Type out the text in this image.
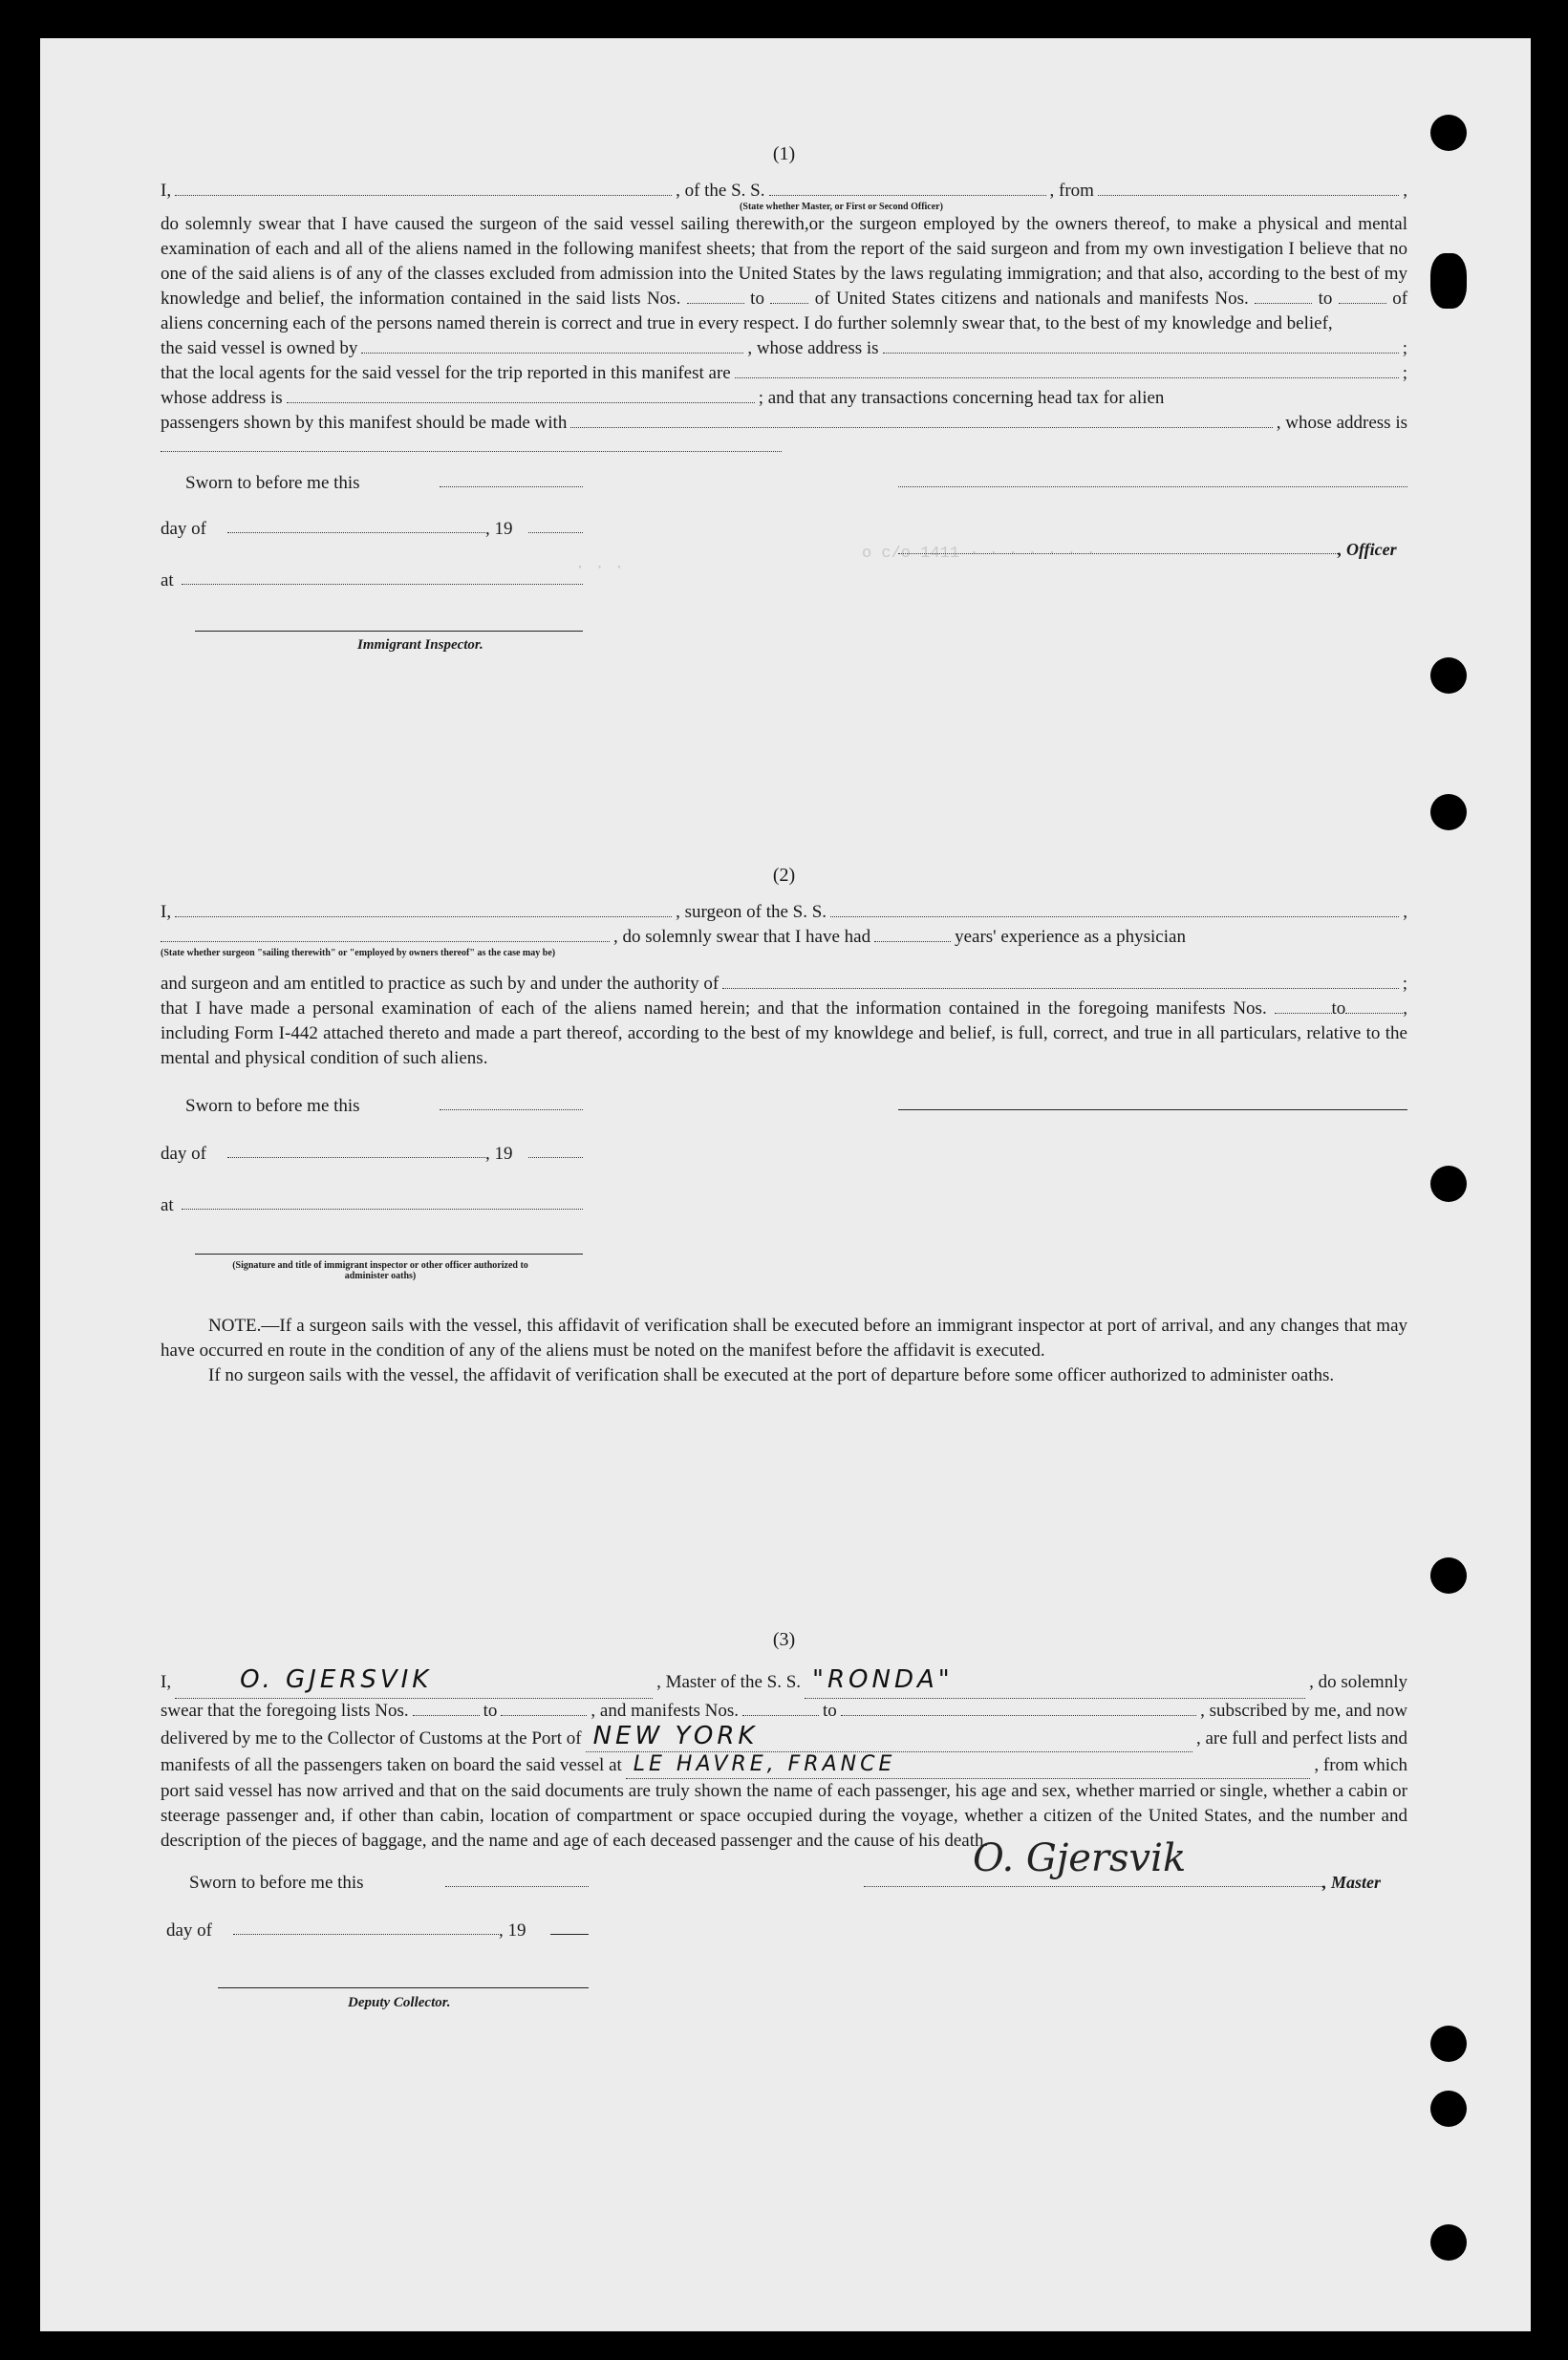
o c/o 1411 · · · · · · ·
· · ·
(1)
I,	, of the S. S.	, from	,
(State whether Master, or First or Second Officer)
do solemnly swear that I have caused the surgeon of the said vessel sailing therewith,or the surgeon employed by the owners thereof, to make a physical and mental examination of each and all of the aliens named in the following manifest sheets; that from the report of the said surgeon and from my own investigation I believe that no one of the said aliens is of any of the classes excluded from admission into the United States by the laws regulating immigration; and that also, according to the best of my knowledge and belief, the information contained in the said lists Nos.	to	of United States citizens and nationals and manifests Nos.	to	of aliens concerning each of the persons named therein is correct and true in every respect. I do further solemnly swear that, to the best of my knowledge and belief,
the said vessel is owned by	, whose address is	;
that the local agents for the said vessel for the trip reported in this manifest are	;
whose address is	; and that any transactions concerning head tax for alien
passengers shown by this manifest should be made with	, whose address is
Sworn to before me this
day of	, 19
at
Immigrant Inspector.
, Officer
(2)
I,	, surgeon of the S. S.	,
, do solemnly swear that I have had	years' experience as a physician
(State whether surgeon "sailing therewith" or "employed by owners thereof" as the case may be)
and surgeon and am entitled to practice as such by and under the authority of	;
that I have made a personal examination of each of the aliens named herein; and that the information contained in the foregoing manifests Nos.	to	, including Form I-442 attached thereto and made a part thereof, according to the best of my knowldege and belief, is full, correct, and true in all particulars, relative to the mental and physical condition of such aliens.
Sworn to before me this
day of	, 19
at
(Signature and title of immigrant inspector or other officer authorized to administer oaths)
NOTE.—If a surgeon sails with the vessel, this affidavit of verification shall be executed before an immigrant inspector at port of arrival, and any changes that may have occurred en route in the condition of any of the aliens must be noted on the manifest before the affidavit is executed.
If no surgeon sails with the vessel, the affidavit of verification shall be executed at the port of departure before some officer authorized to administer oaths.
(3)
I,	O. GJERSVIK	, Master of the S. S. "RONDA"	, do solemnly
swear that the foregoing lists Nos.	to	, and manifests Nos.	to	, subscribed by me, and now
delivered by me to the Collector of Customs at the Port of NEW YORK	, are full and perfect lists and
manifests of all the passengers taken on board the said vessel at LE HAVRE, FRANCE	, from which
port said vessel has now arrived and that on the said documents are truly shown the name of each passenger, his age and sex, whether married or single, whether a cabin or steerage passenger and, if other than cabin, location of compartment or space occupied during the voyage, whether a citizen of the United States, and the number and description of the pieces of baggage, and the name and age of each deceased passenger and the cause of his death.
Sworn to before me this
day of	, 19
Deputy Collector.
O. Gjersvik
, Master
